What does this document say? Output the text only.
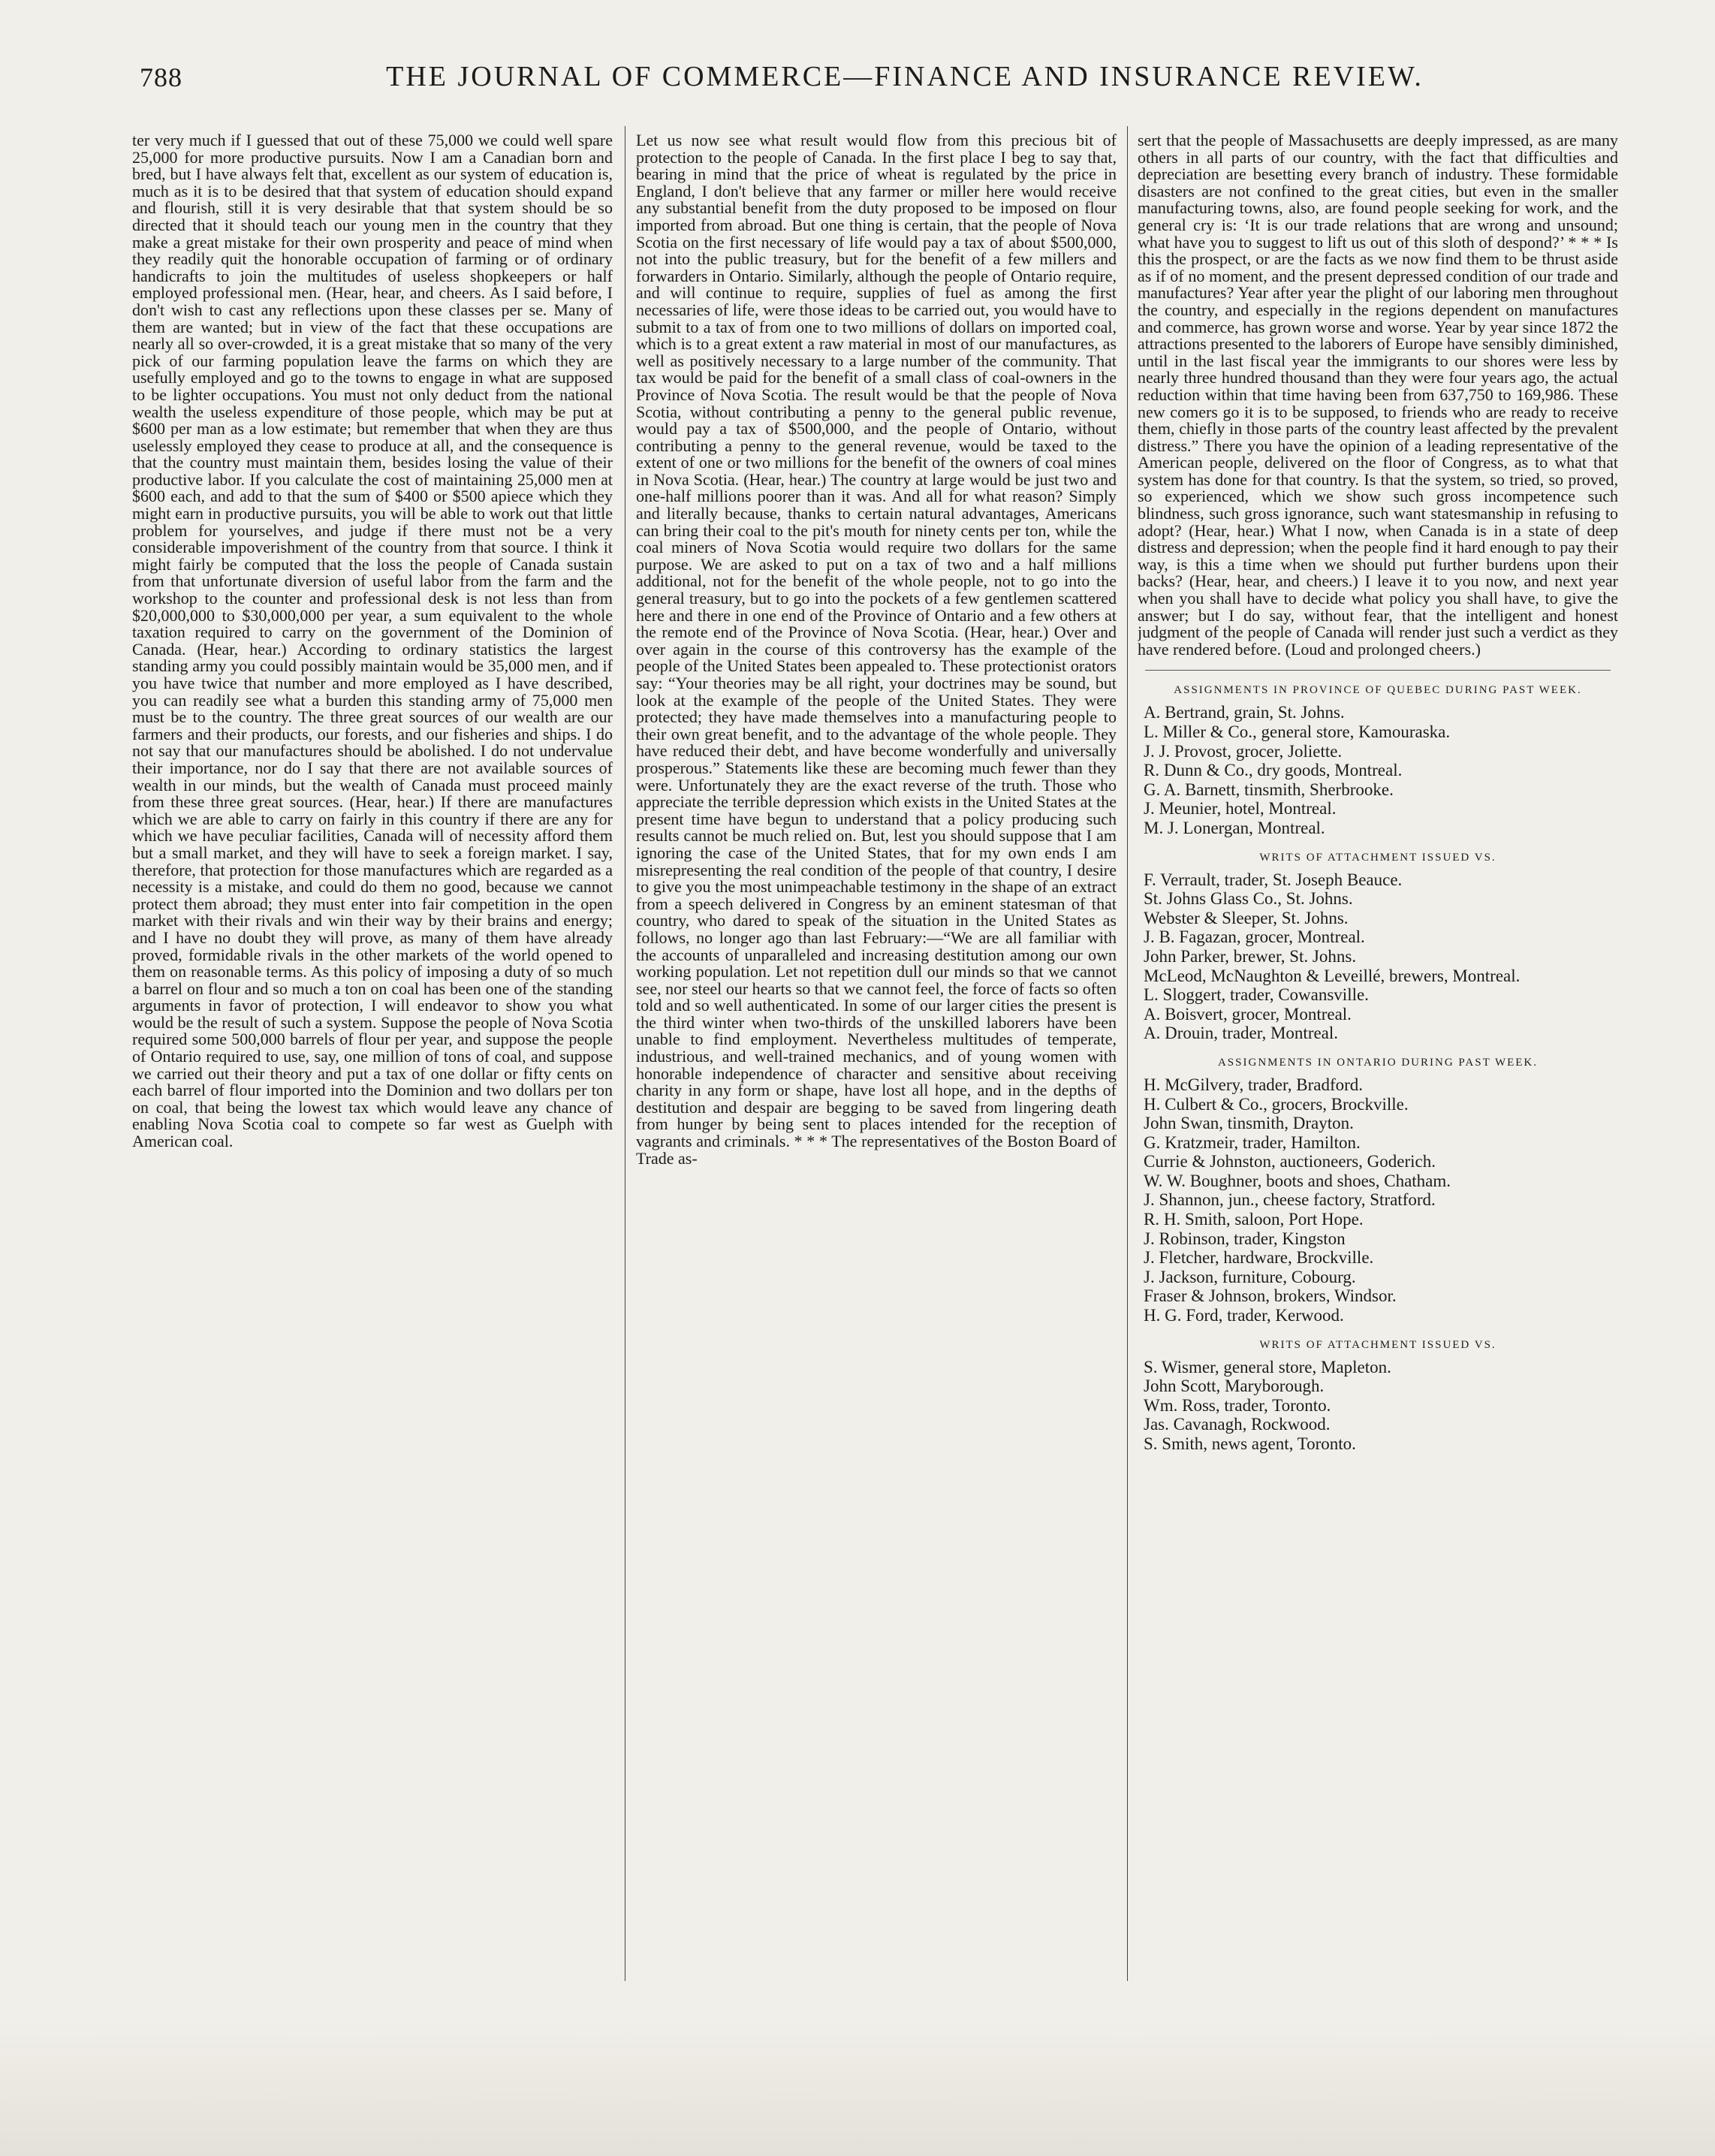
788	THE JOURNAL OF COMMERCE—FINANCE AND INSURANCE REVIEW.

ter very much if I guessed that out of these 75,000 we could well spare 25,000 for more productive pursuits. Now I am a Canadian born and bred, but I have always felt that, excellent as our system of education is, much as it is to be desired that that system of education should expand and flourish, still it is very desirable that that system should be so directed that it should teach our young men in the country that they make a great mistake for their own prosperity and peace of mind when they readily quit the honorable occupation of farming or of ordinary handicrafts to join the multitudes of useless shopkeepers or half employed professional men. (Hear, hear, and cheers. As I said before, I don't wish to cast any reflections upon these classes per se. Many of them are wanted; but in view of the fact that these occupations are nearly all so over-crowded, it is a great mistake that so many of the very pick of our farming population leave the farms on which they are usefully employed and go to the towns to engage in what are supposed to be lighter occupations. You must not only deduct from the national wealth the useless expenditure of those people, which may be put at $600 per man as a low estimate; but remember that when they are thus uselessly employed they cease to produce at all, and the consequence is that the country must maintain them, besides losing the value of their productive labor. If you calculate the cost of maintaining 25,000 men at $600 each, and add to that the sum of $400 or $500 apiece which they might earn in productive pursuits, you will be able to work out that little problem for yourselves, and judge if there must not be a very considerable impoverishment of the country from that source. I think it might fairly be computed that the loss the people of Canada sustain from that unfortunate diversion of useful labor from the farm and the workshop to the counter and professional desk is not less than from $20,000,000 to $30,000,000 per year, a sum equivalent to the whole taxation required to carry on the government of the Dominion of Canada. (Hear, hear.) According to ordinary statistics the largest standing army you could possibly maintain would be 35,000 men, and if you have twice that number and more employed as I have described, you can readily see what a burden this standing army of 75,000 men must be to the country. The three great sources of our wealth are our farmers and their products, our forests, and our fisheries and ships. I do not say that our manufactures should be abolished. I do not undervalue their importance, nor do I say that there are not available sources of wealth in our minds, but the wealth of Canada must proceed mainly from these three great sources. (Hear, hear.) If there are manufactures which we are able to carry on fairly in this country if there are any for which we have peculiar facilities, Canada will of necessity afford them but a small market, and they will have to seek a foreign market. I say, therefore, that protection for those manufactures which are regarded as a necessity is a mistake, and could do them no good, because we cannot protect them abroad; they must enter into fair competition in the open market with their rivals and win their way by their brains and energy; and I have no doubt they will prove, as many of them have already proved, formidable rivals in the other markets of the world opened to them on reasonable terms. As this policy of imposing a duty of so much a barrel on flour and so much a ton on coal has been one of the standing arguments in favor of protection, I will endeavor to show you what would be the result of such a system. Suppose the people of Nova Scotia required some 500,000 barrels of flour per year, and suppose the people of Ontario required to use, say, one million of tons of coal, and suppose we carried out their theory and put a tax of one dollar or fifty cents on each barrel of flour imported into the Dominion and two dollars per ton on coal, that being the lowest tax which would leave any chance of enabling Nova Scotia coal to compete so far west as Guelph with American coal.

Let us now see what result would flow from this precious bit of protection to the people of Canada. In the first place I beg to say that, bearing in mind that the price of wheat is regulated by the price in England, I don't believe that any farmer or miller here would receive any substantial benefit from the duty proposed to be imposed on flour imported from abroad. But one thing is certain, that the people of Nova Scotia on the first necessary of life would pay a tax of about $500,000, not into the public treasury, but for the benefit of a few millers and forwarders in Ontario. Similarly, although the people of Ontario require, and will continue to require, supplies of fuel as among the first necessaries of life, were those ideas to be carried out, you would have to submit to a tax of from one to two millions of dollars on imported coal, which is to a great extent a raw material in most of our manufactures, as well as positively necessary to a large number of the community. That tax would be paid for the benefit of a small class of coal-owners in the Province of Nova Scotia. The result would be that the people of Nova Scotia, without contributing a penny to the general public revenue, would pay a tax of $500,000, and the people of Ontario, without contributing a penny to the general revenue, would be taxed to the extent of one or two millions for the benefit of the owners of coal mines in Nova Scotia. (Hear, hear.) The country at large would be just two and one-half millions poorer than it was. And all for what reason? Simply and literally because, thanks to certain natural advantages, Americans can bring their coal to the pit's mouth for ninety cents per ton, while the coal miners of Nova Scotia would require two dollars for the same purpose. We are asked to put on a tax of two and a half millions additional, not for the benefit of the whole people, not to go into the general treasury, but to go into the pockets of a few gentlemen scattered here and there in one end of the Province of Ontario and a few others at the remote end of the Province of Nova Scotia. (Hear, hear.) Over and over again in the course of this controversy has the example of the people of the United States been appealed to. These protectionist orators say: “Your theories may be all right, your doctrines may be sound, but look at the example of the people of the United States. They were protected; they have made themselves into a manufacturing people to their own great benefit, and to the advantage of the whole people. They have reduced their debt, and have become wonderfully and universally prosperous.” Statements like these are becoming much fewer than they were. Unfortunately they are the exact reverse of the truth. Those who appreciate the terrible depression which exists in the United States at the present time have begun to understand that a policy producing such results cannot be much relied on. But, lest you should suppose that I am ignoring the case of the United States, that for my own ends I am misrepresenting the real condition of the people of that country, I desire to give you the most unimpeachable testimony in the shape of an extract from a speech delivered in Congress by an eminent statesman of that country, who dared to speak of the situation in the United States as follows, no longer ago than last February:—“We are all familiar with the accounts of unparalleled and increasing destitution among our own working population. Let not repetition dull our minds so that we cannot see, nor steel our hearts so that we cannot feel, the force of facts so often told and so well authenticated. In some of our larger cities the present is the third winter when two-thirds of the unskilled laborers have been unable to find employment. Nevertheless multitudes of temperate, industrious, and well-trained mechanics, and of young women with honorable independence of character and sensitive about receiving charity in any form or shape, have lost all hope, and in the depths of destitution and despair are begging to be saved from lingering death from hunger by being sent to places intended for the reception of vagrants and criminals. * * * The representatives of the Boston Board of Trade as-

sert that the people of Massachusetts are deeply impressed, as are many others in all parts of our country, with the fact that difficulties and depreciation are besetting every branch of industry. These formidable disasters are not confined to the great cities, but even in the smaller manufacturing towns, also, are found people seeking for work, and the general cry is: ‘It is our trade relations that are wrong and unsound; what have you to suggest to lift us out of this sloth of despond?’ * * * Is this the prospect, or are the facts as we now find them to be thrust aside as if of no moment, and the present depressed condition of our trade and manufactures? Year after year the plight of our laboring men throughout the country, and especially in the regions dependent on manufactures and commerce, has grown worse and worse. Year by year since 1872 the attractions presented to the laborers of Europe have sensibly diminished, until in the last fiscal year the immigrants to our shores were less by nearly three hundred thousand than they were four years ago, the actual reduction within that time having been from 637,750 to 169,986. These new comers go it is to be supposed, to friends who are ready to receive them, chiefly in those parts of the country least affected by the prevalent distress.” There you have the opinion of a leading representative of the American people, delivered on the floor of Congress, as to what that system has done for that country. Is that the system, so tried, so proved, so experienced, which we show such gross incompetence such blindness, such gross ignorance, such want statesmanship in refusing to adopt? (Hear, hear.) What I now, when Canada is in a state of deep distress and depression; when the people find it hard enough to pay their way, is this a time when we should put further burdens upon their backs? (Hear, hear, and cheers.) I leave it to you now, and next year when you shall have to decide what policy you shall have, to give the answer; but I do say, without fear, that the intelligent and honest judgment of the people of Canada will render just such a verdict as they have rendered before. (Loud and prolonged cheers.)

ASSIGNMENTS IN PROVINCE OF QUEBEC DURING PAST WEEK.
A. Bertrand, grain, St. Johns.
L. Miller & Co., general store, Kamouraska.
J. J. Provost, grocer, Joliette.
R. Dunn & Co., dry goods, Montreal.
G. A. Barnett, tinsmith, Sherbrooke.
J. Meunier, hotel, Montreal.
M. J. Lonergan, Montreal.
WRITS OF ATTACHMENT ISSUED VS.
F. Verrault, trader, St. Joseph Beauce.
St. Johns Glass Co., St. Johns.
Webster & Sleeper, St. Johns.
J. B. Fagazan, grocer, Montreal.
John Parker, brewer, St. Johns.
McLeod, McNaughton & Leveillé, brewers, Montreal.
L. Sloggert, trader, Cowansville.
A. Boisvert, grocer, Montreal.
A. Drouin, trader, Montreal.
ASSIGNMENTS IN ONTARIO DURING PAST WEEK.
H. McGilvery, trader, Bradford.
H. Culbert & Co., grocers, Brockville.
John Swan, tinsmith, Drayton.
G. Kratzmeir, trader, Hamilton.
Currie & Johnston, auctioneers, Goderich.
W. W. Boughner, boots and shoes, Chatham.
J. Shannon, jun., cheese factory, Stratford.
R. H. Smith, saloon, Port Hope.
J. Robinson, trader, Kingston
J. Fletcher, hardware, Brockville.
J. Jackson, furniture, Cobourg.
Fraser & Johnson, brokers, Windsor.
H. G. Ford, trader, Kerwood.
WRITS OF ATTACHMENT ISSUED VS.
S. Wismer, general store, Mapleton.
John Scott, Maryborough.
Wm. Ross, trader, Toronto.
Jas. Cavanagh, Rockwood.
S. Smith, news agent, Toronto.
